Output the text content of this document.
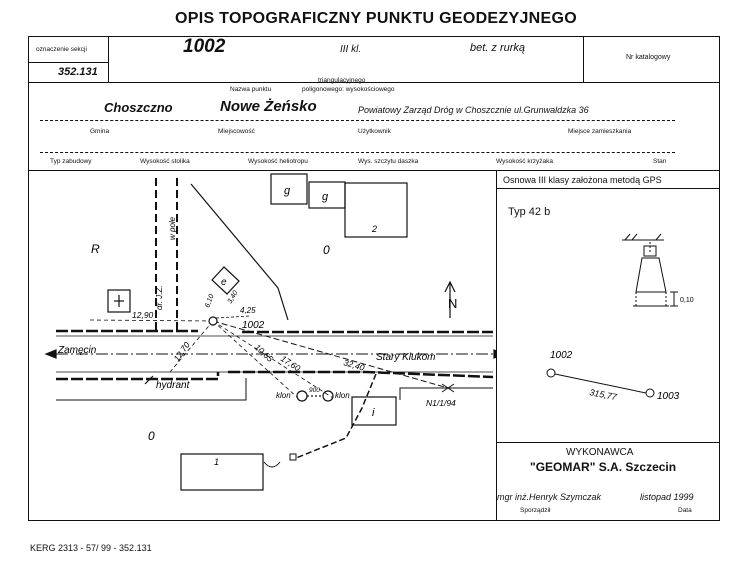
OPIS TOPOGRAFICZNY PUNKTU GEODEZYJNEGO
oznaczenie sekcji
352.131
1002	III kl.	bet. z rurką
Nr katalogowy
Nazwa punktu
triangulacyjnego
poligonowego: wysokościowego
Choszczno	Nowe Żeńsko	Powiatowy Zarząd Dróg w Choszcznie ul.Grunwaldzka 36
Gmina	Miejscowość	Użytkownik	Miejsce zamieszkania
Typ zabudowy	Wysokość stolika	Wysokość heliotropu	Wys. szczytu daszka	Wysokość krzyżaka	Stan
Osnowa III klasy założona metodą GPS
Typ 42 b
WYKONAWCA
"GEOMAR" S.A. Szczecin
mgr inż.Henryk Szymczak	listopad 1999
Sporządził	Data
KERG 2313 - 57/ 99 - 352.131
0,10
1002
1003
315,77
R	0
0
g	g
2
e
1
i
N
w pole
dr. J.Z.
12,90
12,70	10,65 17,60	32,40
4,25
6,10 3,40
1002
Zamęcin
Stary Klukom
hydrant
klon
900
klon
N1/1/94
